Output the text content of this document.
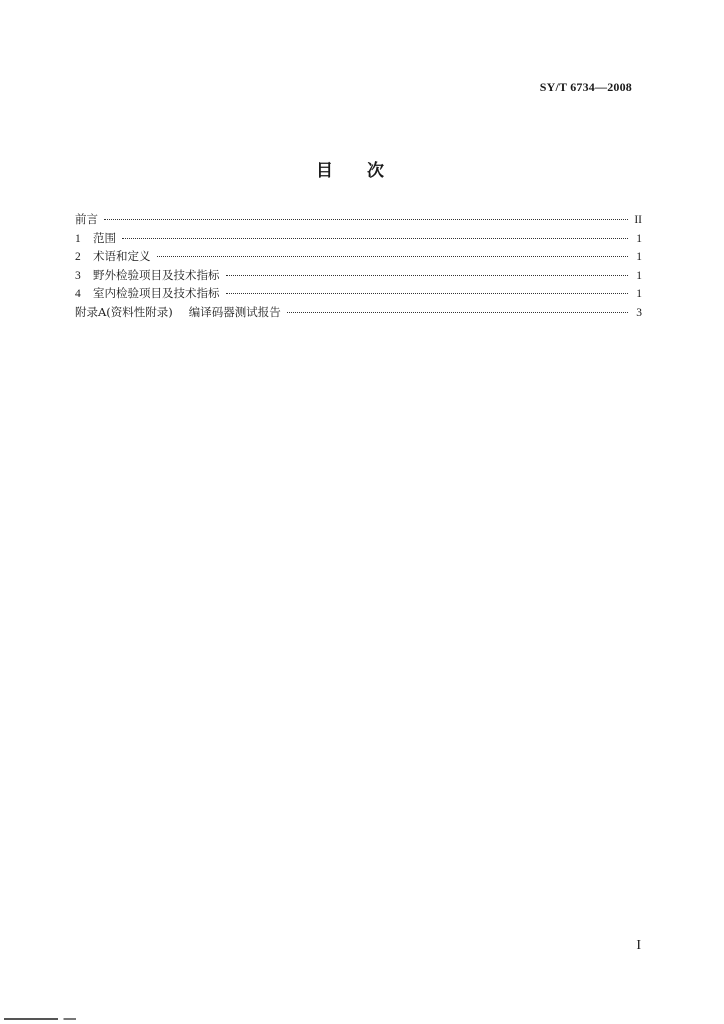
SY/T 6734—2008
目次
前言	II
1	范围	1
2	术语和定义	1
3	野外检验项目及技术指标	1
4	室内检验项目及技术指标	1
附录A(资料性附录) 编译码器测试报告	3
I
